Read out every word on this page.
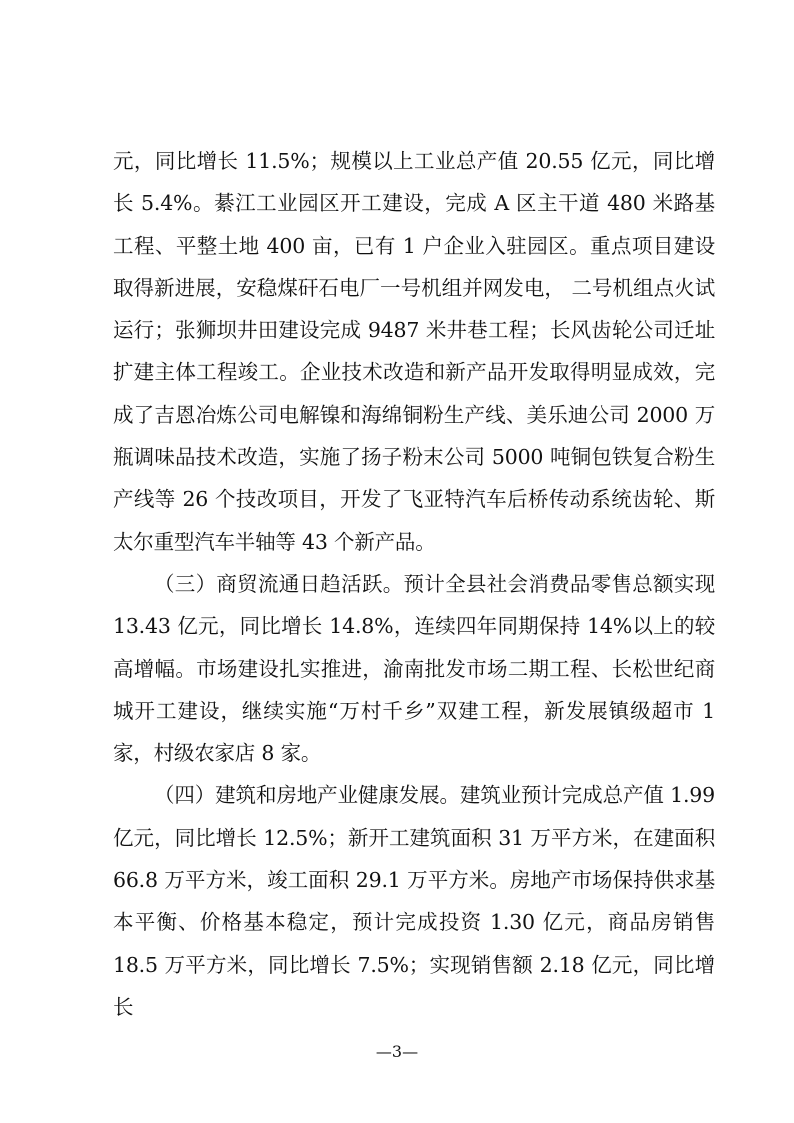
元，同比增长 11.5%；规模以上工业总产值 20.55 亿元，同比增长 5.4%。綦江工业园区开工建设，完成 A 区主干道 480 米路基工程、平整土地 400 亩，已有 1 户企业入驻园区。重点项目建设取得新进展，安稳煤矸石电厂一号机组并网发电， 二号机组点火试运行；张狮坝井田建设完成 9487 米井巷工程；长风齿轮公司迁址扩建主体工程竣工。企业技术改造和新产品开发取得明显成效，完成了吉恩冶炼公司电解镍和海绵铜粉生产线、美乐迪公司 2000 万瓶调味品技术改造，实施了扬子粉末公司 5000 吨铜包铁复合粉生产线等 26 个技改项目，开发了飞亚特汽车后桥传动系统齿轮、斯太尔重型汽车半轴等 43 个新产品。

（三）商贸流通日趋活跃。预计全县社会消费品零售总额实现 13.43 亿元，同比增长 14.8%，连续四年同期保持 14%以上的较高增幅。市场建设扎实推进，渝南批发市场二期工程、长松世纪商城开工建设，继续实施“万村千乡”双建工程，新发展镇级超市 1 家，村级农家店 8 家。

（四）建筑和房地产业健康发展。建筑业预计完成总产值 1.99 亿元，同比增长 12.5%；新开工建筑面积 31 万平方米，在建面积 66.8 万平方米，竣工面积 29.1 万平方米。房地产市场保持供求基本平衡、价格基本稳定，预计完成投资 1.30 亿元，商品房销售 18.5 万平方米，同比增长 7.5%；实现销售额 2.18 亿元，同比增长

—3—
